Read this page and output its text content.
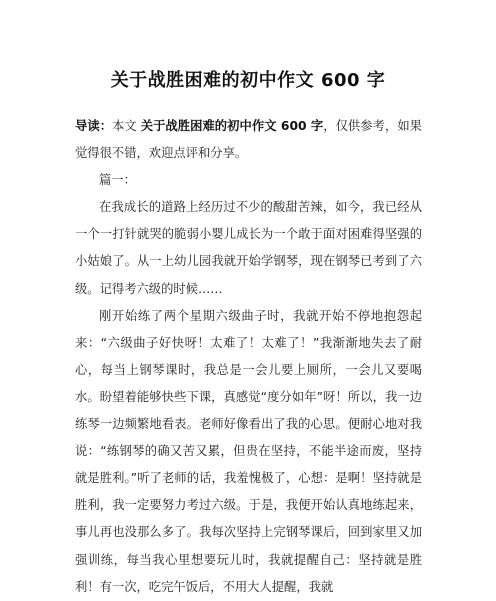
关于战胜困难的初中作文 600 字

导读：本文 关于战胜困难的初中作文 600 字，仅供参考，如果觉得很不错，欢迎点评和分享。

篇一：

在我成长的道路上经历过不少的酸甜苦辣，如今，我已经从一个一打针就哭的脆弱小婴儿成长为一个敢于面对困难得坚强的小姑娘了。从一上幼儿园我就开始学钢琴，现在钢琴已考到了六级。记得考六级的时候……

刚开始练了两个星期六级曲子时，我就开始不停地抱怨起来：“六级曲子好快呀！太难了！太难了！”我渐渐地失去了耐心，每当上钢琴课时，我总是一会儿要上厕所，一会儿又要喝水。盼望着能够快些下课，真感觉“度分如年”呀！所以，我一边练琴一边频繁地看表。老师好像看出了我的心思。便耐心地对我说：“练钢琴的确又苦又累，但贵在坚持，不能半途而废，坚持就是胜利。”听了老师的话，我羞愧极了，心想：是啊！坚持就是胜利，我一定要努力考过六级。于是，我便开始认真地练起来，事儿再也没那么多了。我每次坚持上完钢琴课后，回到家里又加强训练，每当我心里想要玩儿时，我就提醒自己：坚持就是胜利！有一次，吃完午饭后，不用大人提醒，我就
